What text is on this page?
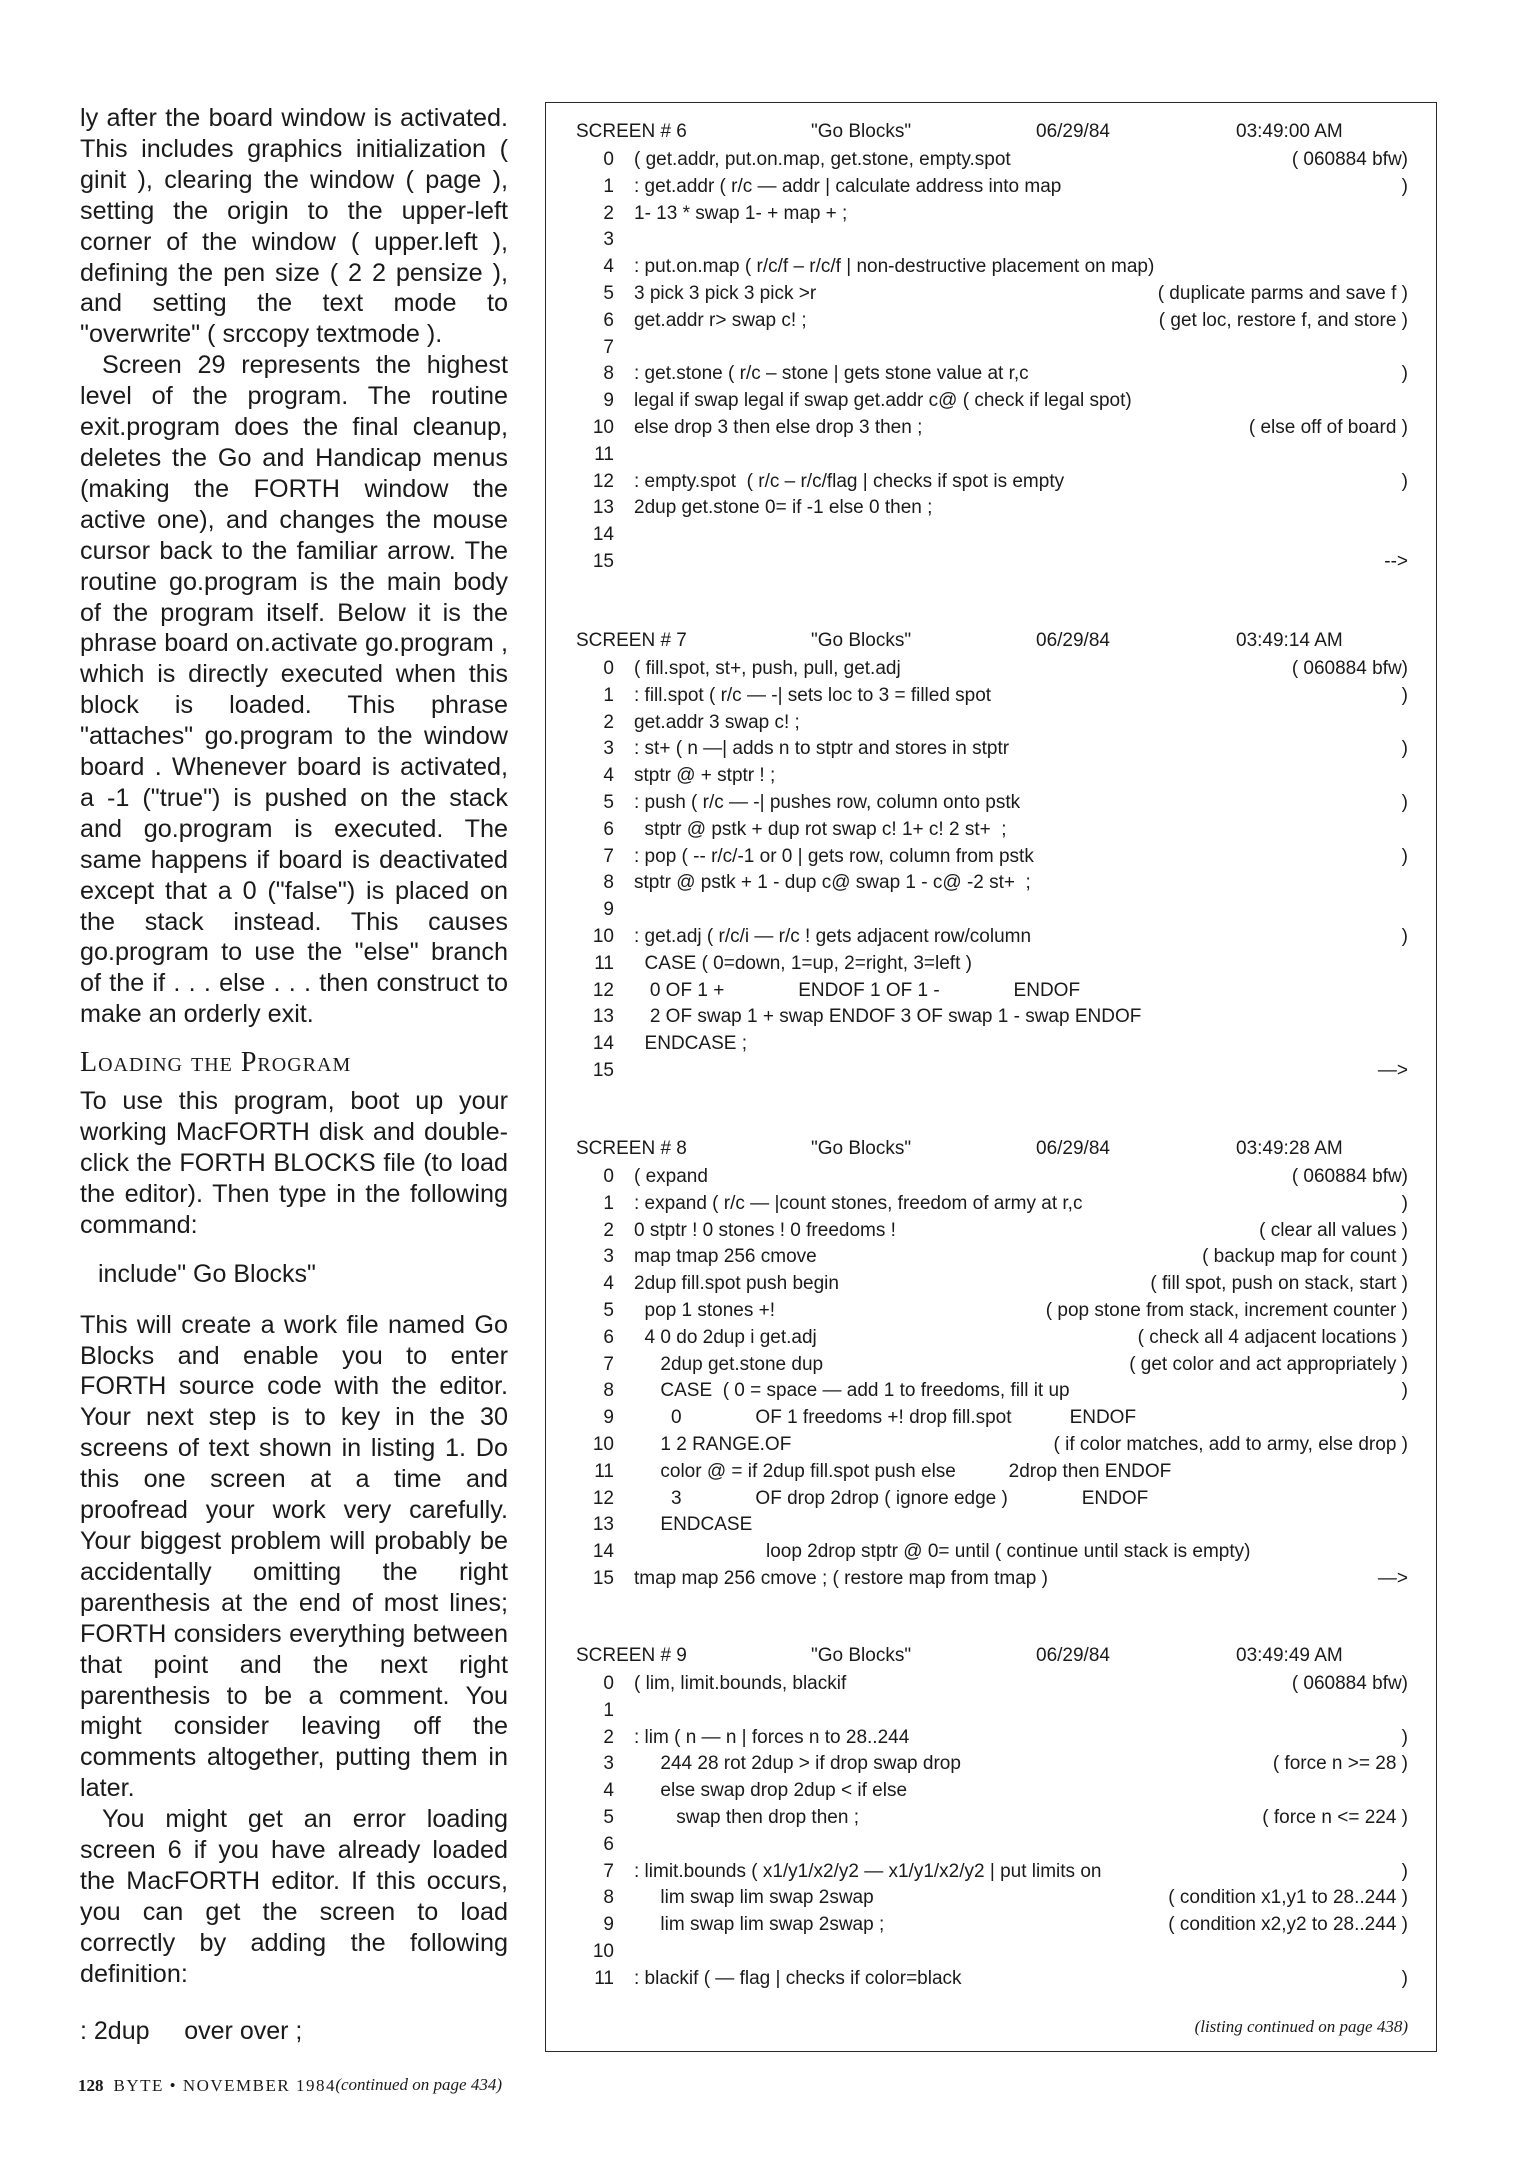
ly after the board window is activated. This includes graphics initialization ( ginit ), clearing the window ( page ), setting the origin to the upper-left corner of the window ( upper.left ), defining the pen size ( 2 2 pensize ), and setting the text mode to "overwrite" ( srccopy textmode ).

Screen 29 represents the highest level of the program. The routine exit.program does the final cleanup, deletes the Go and Handicap menus (making the FORTH window the active one), and changes the mouse cursor back to the familiar arrow. The routine go.program is the main body of the program itself. Below it is the phrase board on.activate go.program , which is directly executed when this block is loaded. This phrase "attaches" go.program to the window board . Whenever board is activated, a -1 ("true") is pushed on the stack and go.program is executed. The same happens if board is deactivated except that a 0 ("false") is placed on the stack instead. This causes go.program to use the "else" branch of the if . . . else . . . then construct to make an orderly exit.

Loading the Program

To use this program, boot up your working MacFORTH disk and double-click the FORTH BLOCKS file (to load the editor). Then type in the following command:

include" Go Blocks"

This will create a work file named Go Blocks and enable you to enter FORTH source code with the editor. Your next step is to key in the 30 screens of text shown in listing 1. Do this one screen at a time and proofread your work very carefully. Your biggest problem will probably be accidentally omitting the right parenthesis at the end of most lines; FORTH considers everything between that point and the next right parenthesis to be a comment. You might consider leaving off the comments altogether, putting them in later.

You might get an error loading screen 6 if you have already loaded the MacFORTH editor. If this occurs, you can get the screen to load correctly by adding the following definition:

: 2dup     over over ;
(continued on page 434)
SCREEN # 6	"Go Blocks"	06/29/84	03:49:00 AM
0 ( get.addr, put.on.map, get.stone, empty.spot	( 060884 bfw)
1 : get.addr ( r/c — addr | calculate address into map	)
2 1- 13 * swap 1- + map + ;
3
4 : put.on.map ( r/c/f – r/c/f | non-destructive placement on map)
5 3 pick 3 pick 3 pick >r	( duplicate parms and save f )
6 get.addr r> swap c! ;	( get loc, restore f, and store )
7
8 : get.stone ( r/c – stone | gets stone value at r,c	)
9 legal if swap legal if swap get.addr c@ ( check if legal spot)
10 else drop 3 then else drop 3 then ;	( else off of board )
11
12 : empty.spot  ( r/c – r/c/flag | checks if spot is empty	)
13 2dup get.stone 0= if -1 else 0 then ;
14
15	-->
SCREEN # 7	"Go Blocks"	06/29/84	03:49:14 AM
0 ( fill.spot, st+, push, pull, get.adj	( 060884 bfw)
1 : fill.spot ( r/c — -| sets loc to 3 = filled spot	)
2 get.addr 3 swap c! ;
3 : st+ ( n —| adds n to stptr and stores in stptr	)
4 stptr @ + stptr ! ;
5 : push ( r/c — -| pushes row, column onto pstk	)
6 stptr @ pstk + dup rot swap c! 1+ c! 2 st+  ;
7 : pop ( -- r/c/-1 or 0 | gets row, column from pstk	)
8 stptr @ pstk + 1 - dup c@ swap 1 - c@ -2 st+  ;
9
10 : get.adj ( r/c/i — r/c ! gets adjacent row/column	)
11 CASE ( 0=down, 1=up, 2=right, 3=left )
12 0 OF 1 +              ENDOF 1 OF 1 -              ENDOF
13 2 OF swap 1 + swap ENDOF 3 OF swap 1 - swap ENDOF
14 ENDCASE ;
15	—>
SCREEN # 8	"Go Blocks"	06/29/84	03:49:28 AM
0 ( expand	( 060884 bfw)
1 : expand ( r/c — |count stones, freedom of army at r,c	)
2 0 stptr ! 0 stones ! 0 freedoms !	( clear all values )
3 map tmap 256 cmove	( backup map for count )
4 2dup fill.spot push begin	( fill spot, push on stack, start )
5 pop 1 stones +!	( pop stone from stack, increment counter )
6 4 0 do 2dup i get.adj	( check all 4 adjacent locations )
7 2dup get.stone dup	( get color and act appropriately )
8 CASE  ( 0 = space — add 1 to freedoms, fill it up	)
9 0              OF 1 freedoms +! drop fill.spot           ENDOF
10 1 2 RANGE.OF	( if color matches, add to army, else drop )
11 color @ = if 2dup fill.spot push else          2drop then ENDOF
12 3              OF drop 2drop ( ignore edge )              ENDOF
13 ENDCASE
14 loop 2drop stptr @ 0= until ( continue until stack is empty)
15 tmap map 256 cmove ; ( restore map from tmap )	—>
SCREEN # 9	"Go Blocks"	06/29/84	03:49:49 AM
0 ( lim, limit.bounds, blackif	( 060884 bfw)
1
2 : lim ( n — n | forces n to 28..244	)
3 244 28 rot 2dup > if drop swap drop	( force n >= 28 )
4 else swap drop 2dup < if else
5 swap then drop then ;	( force n <= 224 )
6
7 : limit.bounds ( x1/y1/x2/y2 — x1/y1/x2/y2 | put limits on	)
8 lim swap lim swap 2swap	( condition x1,y1 to 28..244 )
9 lim swap lim swap 2swap ;	( condition x2,y2 to 28..244 )
10
11 : blackif ( — flag | checks if color=black	)
(listing continued on page 438)
128 BYTE • NOVEMBER 1984
